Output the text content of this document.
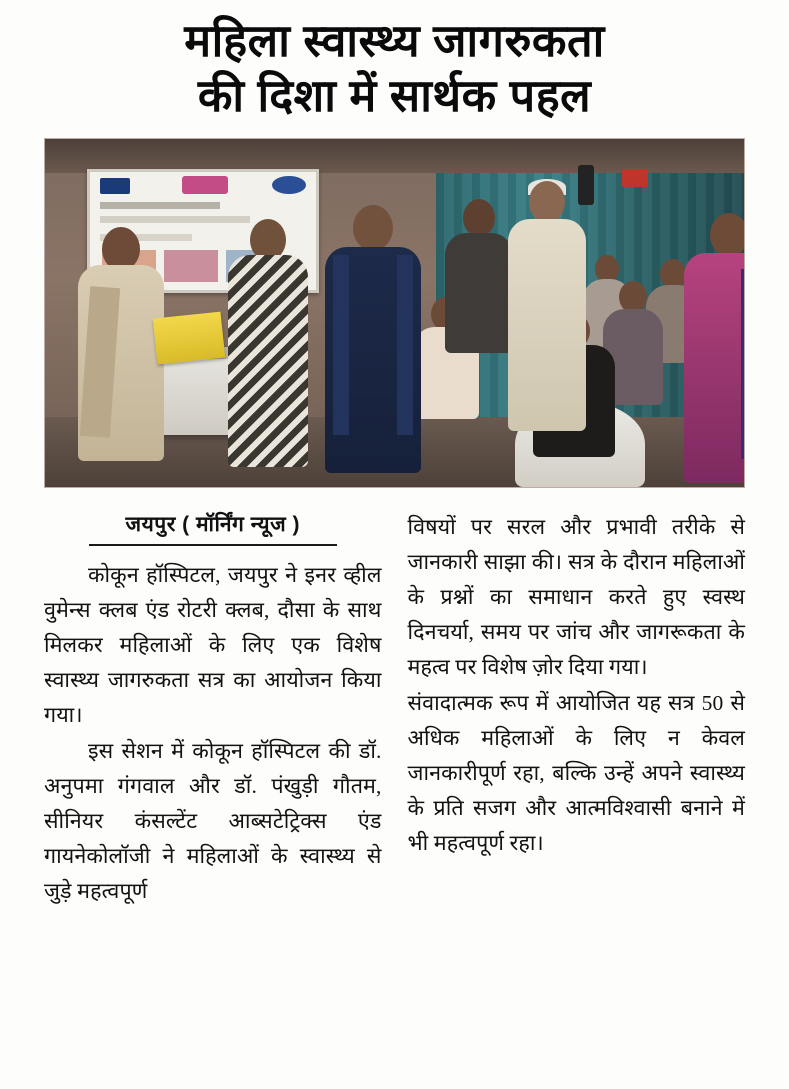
महिला स्वास्थ्य जागरुकता
की दिशा में सार्थक पहल
जयपुर ( मॉर्निंग न्यूज )

कोकून हॉस्पिटल, जयपुर ने इनर व्हील वुमेन्स क्लब एंड रोटरी क्लब, दौसा के साथ मिलकर महिलाओं के लिए एक विशेष स्वास्थ्य जागरुकता सत्र का आयोजन किया गया।

इस सेशन में कोकून हॉस्पिटल की डॉ. अनुपमा गंगवाल और डॉ. पंखुड़ी गौतम, सीनियर कंसल्टेंट आब्सटेट्रिक्स एंड गायनेकोलॉजी ने महिलाओं के स्वास्थ्य से जुड़े महत्वपूर्ण

विषयों पर सरल और प्रभावी तरीके से जानकारी साझा की। सत्र के दौरान महिलाओं के प्रश्नों का समाधान करते हुए स्वस्थ दिनचर्या, समय पर जांच और जागरूकता के महत्व पर विशेष ज़ोर दिया गया।

संवादात्मक रूप में आयोजित यह सत्र 50 से अधिक महिलाओं के लिए न केवल जानकारीपूर्ण रहा, बल्कि उन्हें अपने स्वास्थ्य के प्रति सजग और आत्मविश्वासी बनाने में भी महत्वपूर्ण रहा।
